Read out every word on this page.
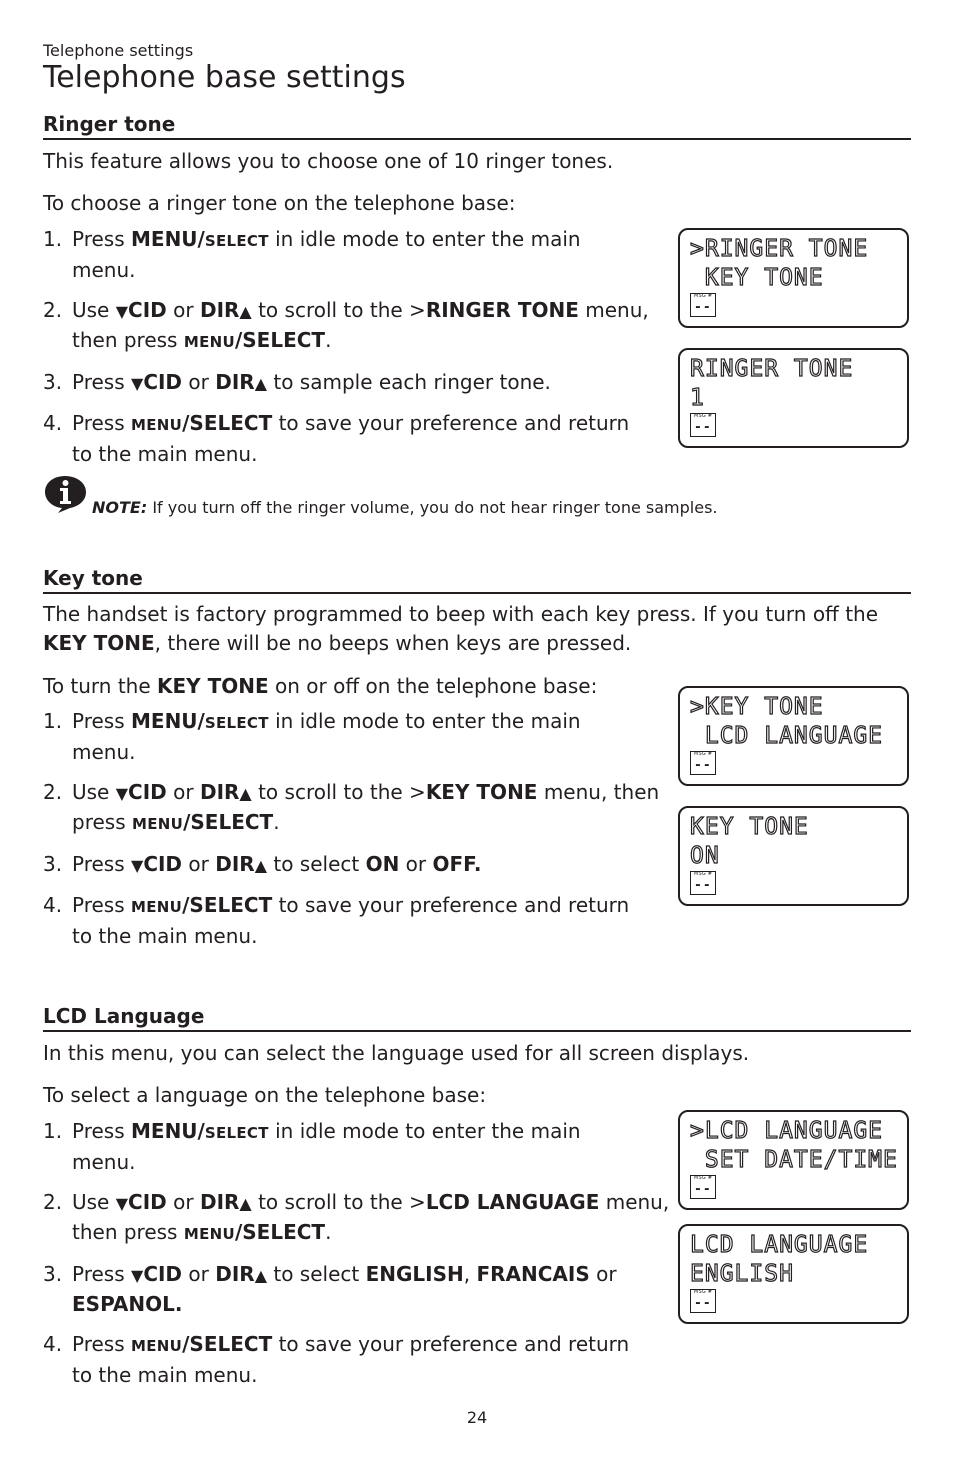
Telephone settings
Telephone base settings
Ringer tone
This feature allows you to choose one of 10 ringer tones.
To choose a ringer tone on the telephone base:
1. Press MENU/SELECT in idle mode to enter the main menu.
2. Use ▼CID or DIR▲ to scroll to the >RINGER TONE menu, then press MENU/SELECT.
3. Press ▼CID or DIR▲ to sample each ringer tone.
4. Press MENU/SELECT to save your preference and return to the main menu.
>RINGER TONE
KEY TONE
MSG #
--
RINGER TONE
1
MSG #
--
NOTE: If you turn off the ringer volume, you do not hear ringer tone samples.
Key tone
The handset is factory programmed to beep with each key press. If you turn off the KEY TONE, there will be no beeps when keys are pressed.
To turn the KEY TONE on or off on the telephone base:
1. Press MENU/SELECT in idle mode to enter the main menu.
2. Use ▼CID or DIR▲ to scroll to the >KEY TONE menu, then press MENU/SELECT.
3. Press ▼CID or DIR▲ to select ON or OFF.
4. Press MENU/SELECT to save your preference and return to the main menu.
>KEY TONE
LCD LANGUAGE
MSG #
--
KEY TONE
ON
MSG #
--
LCD Language
In this menu, you can select the language used for all screen displays.
To select a language on the telephone base:
1. Press MENU/SELECT in idle mode to enter the main menu.
2. Use ▼CID or DIR▲ to scroll to the >LCD LANGUAGE menu, then press MENU/SELECT.
3. Press ▼CID or DIR▲ to select ENGLISH, FRANCAIS or ESPANOL.
4. Press MENU/SELECT to save your preference and return to the main menu.
>LCD LANGUAGE
SET DATE/TIME
MSG #
--
LCD LANGUAGE
ENGLISH
MSG #
--
24
